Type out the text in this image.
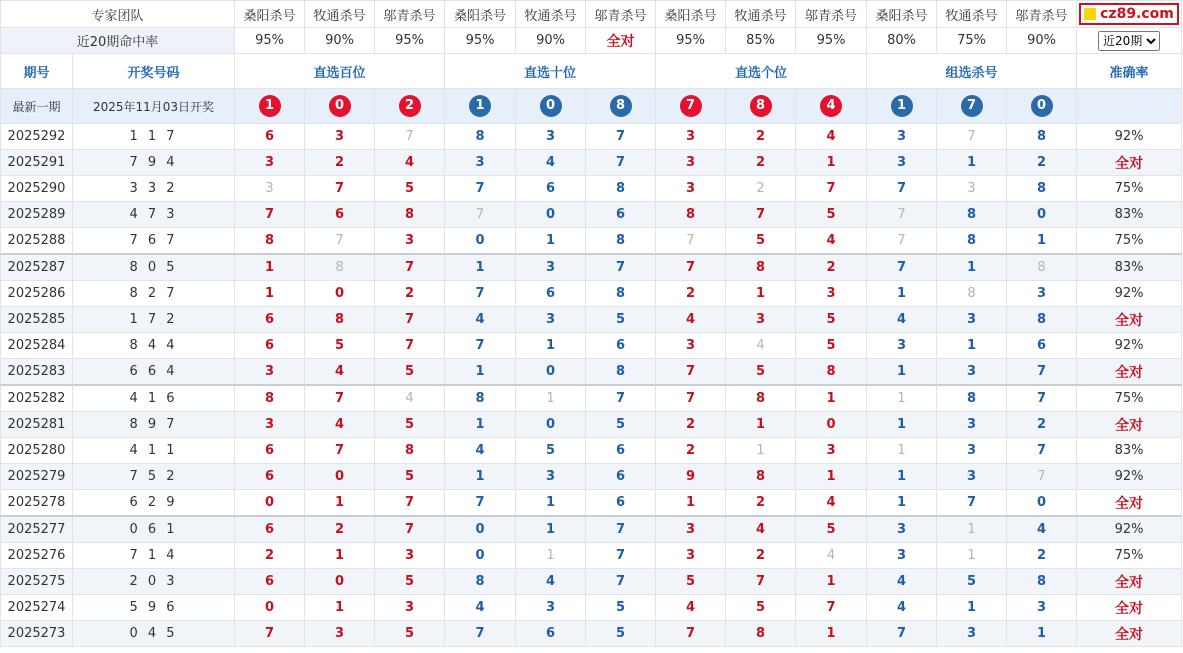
专家团队		桑阳杀号	牧通杀号	邬青杀号	桑阳杀号	牧通杀号	邬青杀号	桑阳杀号	牧通杀号	邬青杀号	桑阳杀号	牧通杀号	邬青杀号	cz89.com

近20期命中率		95%	90%	95%	95%	90%	全对	95%	85%	95%	80%	75%	90%	
近20期
期号	开奖号码	直选百位			直选十位			直选个位			组选杀号			准确率
最新一期	2025年11月03日开奖	1	0	2	1	0	8	7	8	4	1	7	0	
2025292	1 1 7	6	3	7	8	3	7	3	2	4	3	7	8	92%
2025291	7 9 4	3	2	4	3	4	7	3	2	1	3	1	2	全对
2025290	3 3 2	3	7	5	7	6	8	3	2	7	7	3	8	75%
2025289	4 7 3	7	6	8	7	0	6	8	7	5	7	8	0	83%
2025288	7 6 7	8	7	3	0	1	8	7	5	4	7	8	1	75%
2025287	8 0 5	1	8	7	1	3	7	7	8	2	7	1	8	83%
2025286	8 2 7	1	0	2	7	6	8	2	1	3	1	8	3	92%
2025285	1 7 2	6	8	7	4	3	5	4	3	5	4	3	8	全对
2025284	8 4 4	6	5	7	7	1	6	3	4	5	3	1	6	92%
2025283	6 6 4	3	4	5	1	0	8	7	5	8	1	3	7	全对
2025282	4 1 6	8	7	4	8	1	7	7	8	1	1	8	7	75%
2025281	8 9 7	3	4	5	1	0	5	2	1	0	1	3	2	全对
2025280	4 1 1	6	7	8	4	5	6	2	1	3	1	3	7	83%
2025279	7 5 2	6	0	5	1	3	6	9	8	1	1	3	7	92%
2025278	6 2 9	0	1	7	7	1	6	1	2	4	1	7	0	全对
2025277	0 6 1	6	2	7	0	1	7	3	4	5	3	1	4	92%
2025276	7 1 4	2	1	3	0	1	7	3	2	4	3	1	2	75%
2025275	2 0 3	6	0	5	8	4	7	5	7	1	4	5	8	全对
2025274	5 9 6	0	1	3	4	3	5	4	5	7	4	1	3	全对
2025273	0 4 5	7	3	5	7	6	5	7	8	1	7	3	1	全对
